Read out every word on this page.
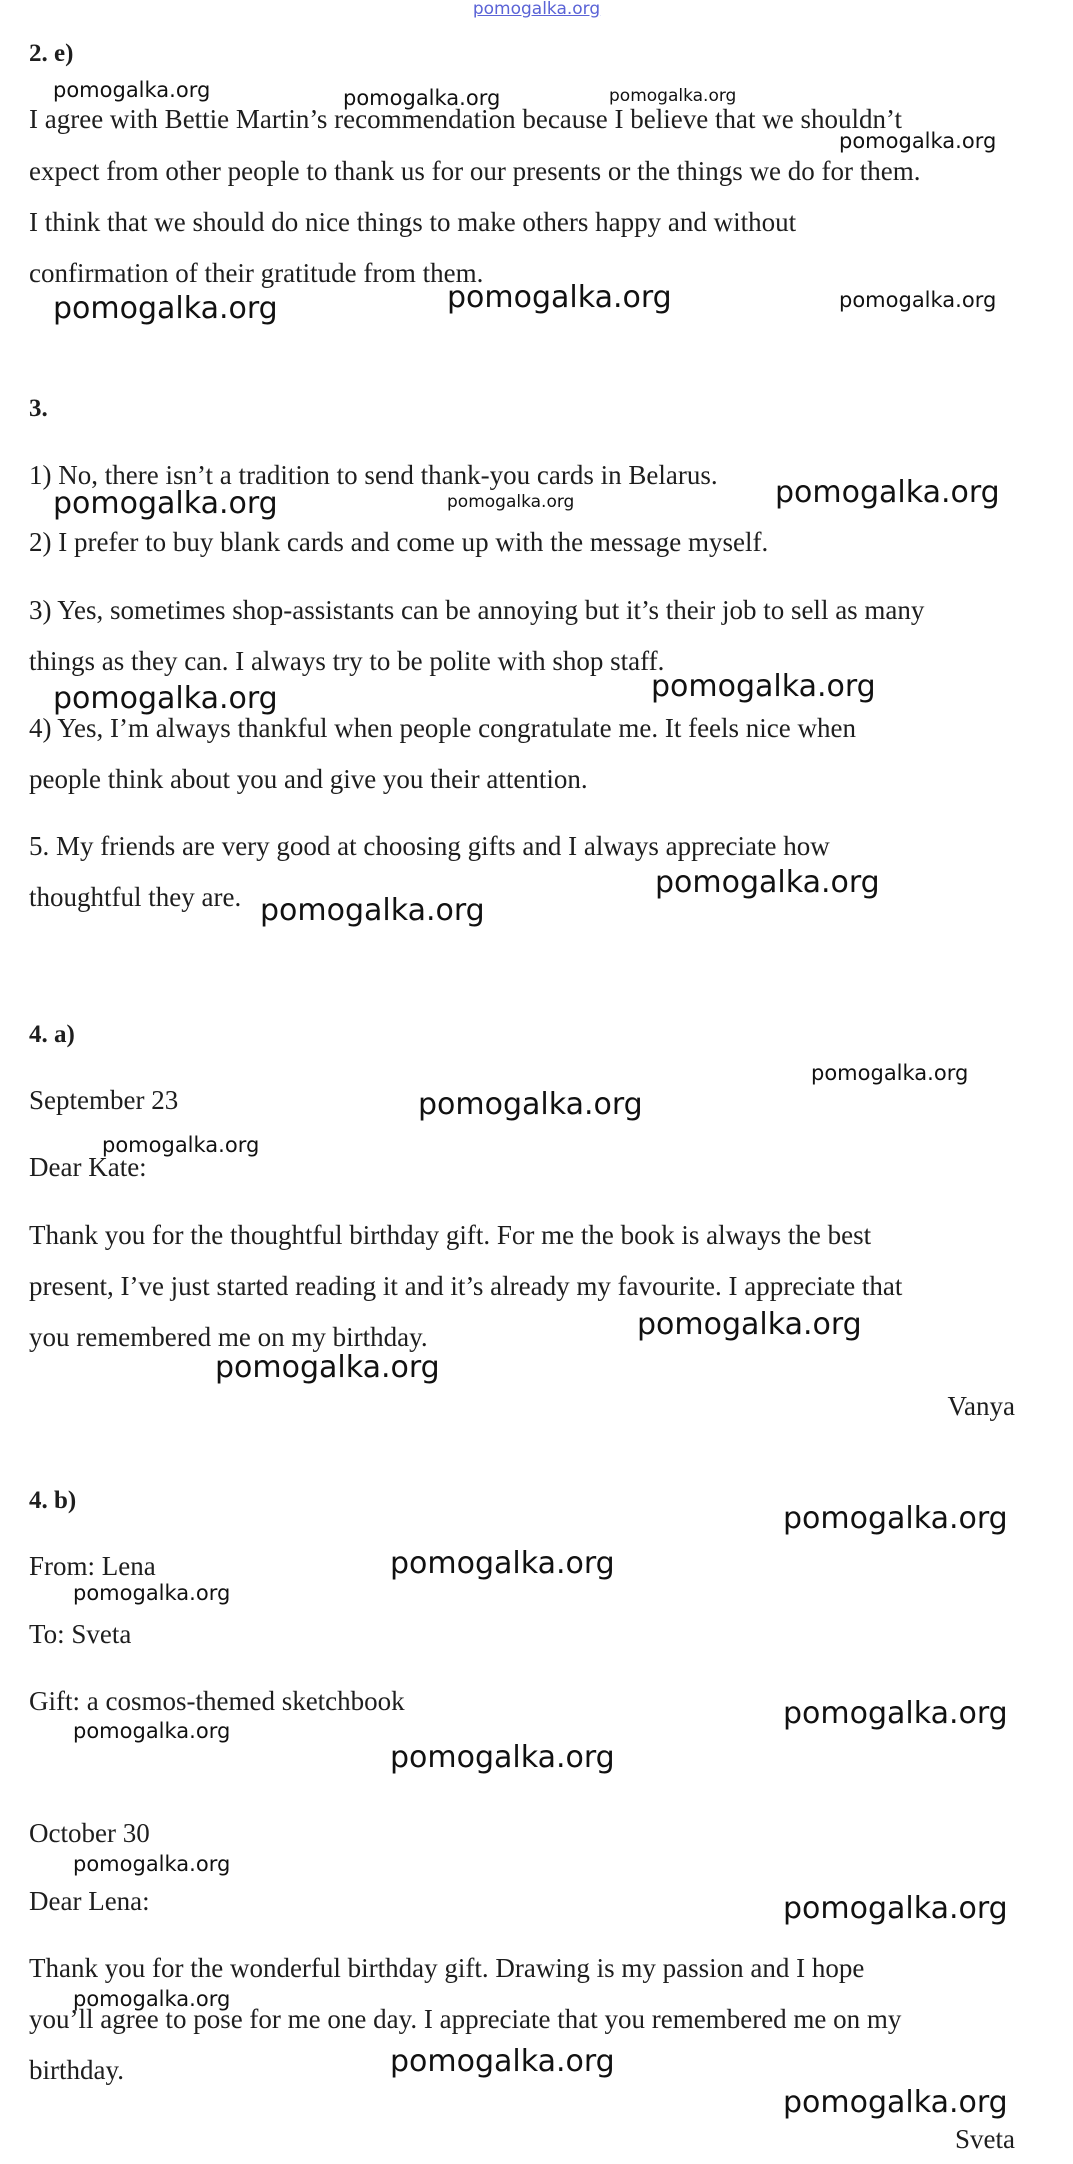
pomogalka.org
2. e)
I agree with Bettie Martin’s recommendation because I believe that we shouldn’t
expect from other people to thank us for our presents or the things we do for them.
I think that we should do nice things to make others happy and without
confirmation of their gratitude from them.
3.
1) No, there isn’t a tradition to send thank-you cards in Belarus.
2) I prefer to buy blank cards and come up with the message myself.
3) Yes, sometimes shop-assistants can be annoying but it’s their job to sell as many
things as they can. I always try to be polite with shop staff.
4) Yes, I’m always thankful when people congratulate me. It feels nice when
people think about you and give you their attention.
5. My friends are very good at choosing gifts and I always appreciate how
thoughtful they are.
4. a)
September 23
Dear Kate:
Thank you for the thoughtful birthday gift. For me the book is always the best
present, I’ve just started reading it and it’s already my favourite. I appreciate that
you remembered me on my birthday.
Vanya
4. b)
From: Lena
To: Sveta
Gift: a cosmos-themed sketchbook
October 30
Dear Lena:
Thank you for the wonderful birthday gift. Drawing is my passion and I hope
you’ll agree to pose for me one day. I appreciate that you remembered me on my
birthday.
Sveta
pomogalka.org	pomogalka.org	pomogalka.org
pomogalka.org
pomogalka.org	pomogalka.org	pomogalka.org
pomogalka.org	pomogalka.org	pomogalka.org
pomogalka.org	pomogalka.org
pomogalka.org
pomogalka.org
pomogalka.org
pomogalka.org
pomogalka.org
pomogalka.org
pomogalka.org
pomogalka.org
pomogalka.org
pomogalka.org
pomogalka.org	pomogalka.org
pomogalka.org
pomogalka.org
pomogalka.org
pomogalka.org
pomogalka.org
pomogalka.org
